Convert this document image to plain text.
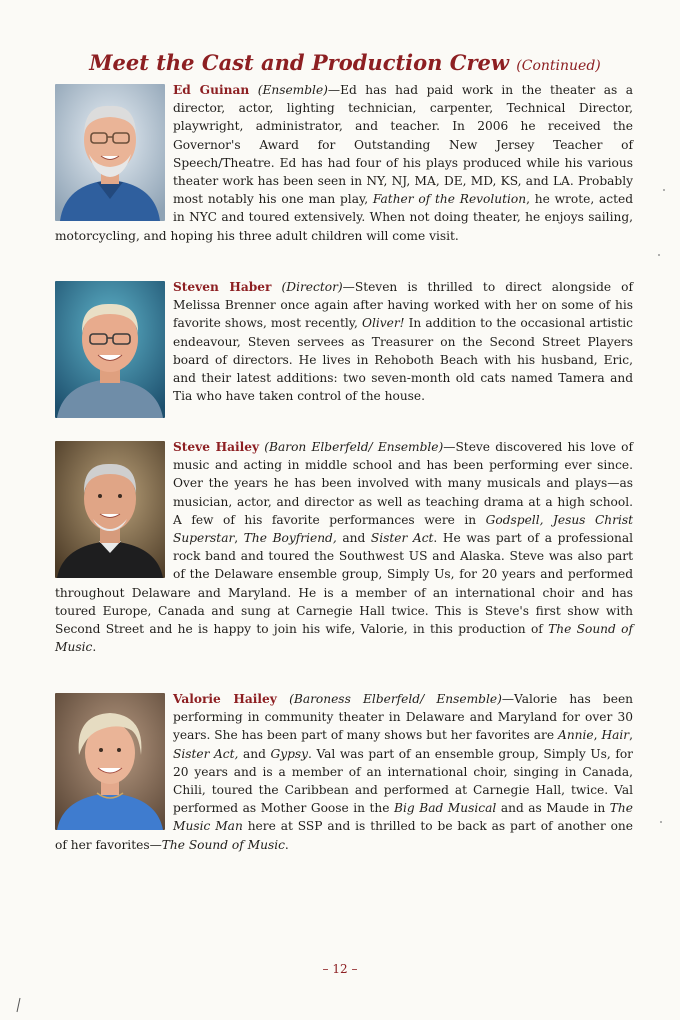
Meet the Cast and Production Crew (Continued)
Ed Guinan (Ensemble)—Ed has had paid work in the theater as a director, actor, lighting technician, carpenter, Technical Director, playwright, administrator, and teacher. In 2006 he received the Governor's Award for Outstanding New Jersey Teacher of Speech/Theatre. Ed has had four of his plays produced while his various theater work has been seen in NY, NJ, MA, DE, MD, KS, and LA. Probably most notably his one man play, Father of the Revolution, he wrote, acted in NYC and toured extensively. When not doing theater, he enjoys sailing, motorcycling, and hoping his three adult children will come visit.
Steven Haber (Director)—Steven is thrilled to direct alongside of Melissa Brenner once again after having worked with her on some of his favorite shows, most recently, Oliver! In addition to the occasional artistic endeavour, Steven servees as Treasurer on the Second Street Players board of directors. He lives in Rehoboth Beach with his husband, Eric, and their latest additions: two seven-month old cats named Tamera and Tia who have taken control of the house.
Steve Hailey (Baron Elberfeld/ Ensemble)—Steve discovered his love of music and acting in middle school and has been performing ever since. Over the years he has been involved with many musicals and plays—as musician, actor, and director as well as teaching drama at a high school. A few of his favorite performances were in Godspell, Jesus Christ Superstar, The Boyfriend, and Sister Act. He was part of a professional rock band and toured the Southwest US and Alaska. Steve was also part of the Delaware ensemble group, Simply Us, for 20 years and performed throughout Delaware and Maryland. He is a member of an international choir and has toured Europe, Canada and sung at Carnegie Hall twice. This is Steve's first show with Second Street and he is happy to join his wife, Valorie, in this production of The Sound of Music.
Valorie Hailey (Baroness Elberfeld/ Ensemble)—Valorie has been performing in community theater in Delaware and Maryland for over 30 years. She has been part of many shows but her favorites are Annie, Hair, Sister Act, and Gypsy. Val was part of an ensemble group, Simply Us, for 20 years and is a member of an international choir, singing in Canada, Chili, toured the Caribbean and performed at Carnegie Hall, twice. Val performed as Mother Goose in the Big Bad Musical and as Maude in The Music Man here at SSP and is thrilled to be back as part of another one of her favorites—The Sound of Music.
– 12 –
